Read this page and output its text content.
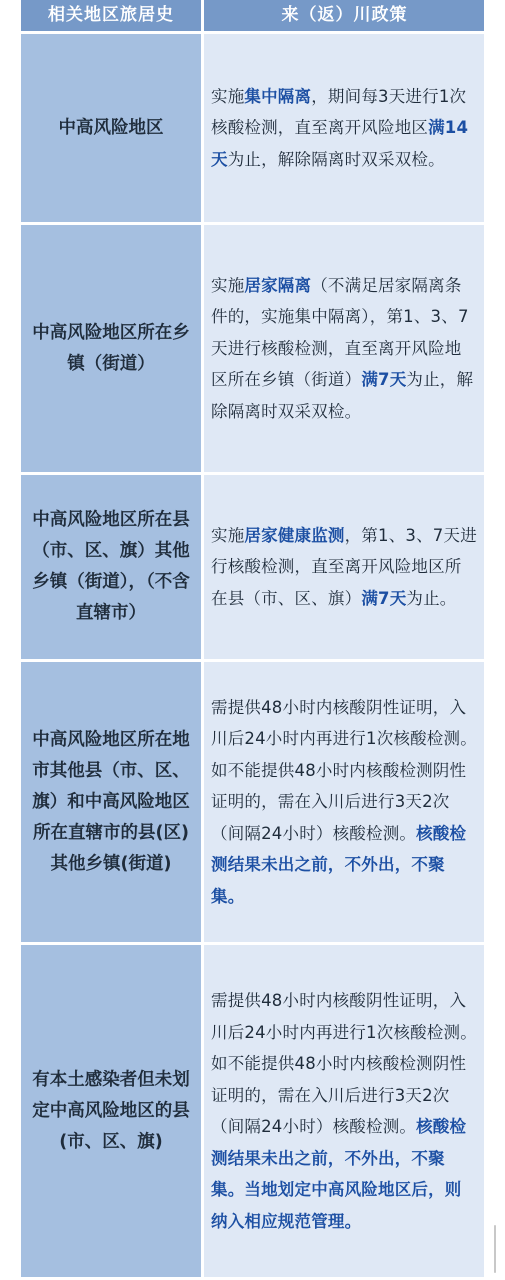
相关地区旅居史	来（返）川政策
中高风险地区
实施集中隔离，期间每3天进行1次核酸检测，直至离开风险地区满14天为止，解除隔离时双采双检。
中高风险地区所在乡镇（街道）
实施居家隔离（不满足居家隔离条件的，实施集中隔离），第1、3、7天进行核酸检测，直至离开风险地区所在乡镇（街道）满7天为止，解除隔离时双采双检。
中高风险地区所在县（市、区、旗）其他乡镇（街道），（不含直辖市）
实施居家健康监测，第1、3、7天进行核酸检测，直至离开风险地区所在县（市、区、旗）满7天为止。
中高风险地区所在地市其他县（市、区、旗）和中高风险地区所在直辖市的县(区)其他乡镇(街道)
需提供48小时内核酸阴性证明，入川后24小时内再进行1次核酸检测。如不能提供48小时内核酸检测阴性证明的，需在入川后进行3天2次（间隔24小时）核酸检测。核酸检测结果未出之前，不外出，不聚集。
有本土感染者但未划定中高风险地区的县(市、区、旗)
需提供48小时内核酸阴性证明，入川后24小时内再进行1次核酸检测。如不能提供48小时内核酸检测阴性证明的，需在入川后进行3天2次（间隔24小时）核酸检测。核酸检测结果未出之前，不外出，不聚集。当地划定中高风险地区后，则纳入相应规范管理。
